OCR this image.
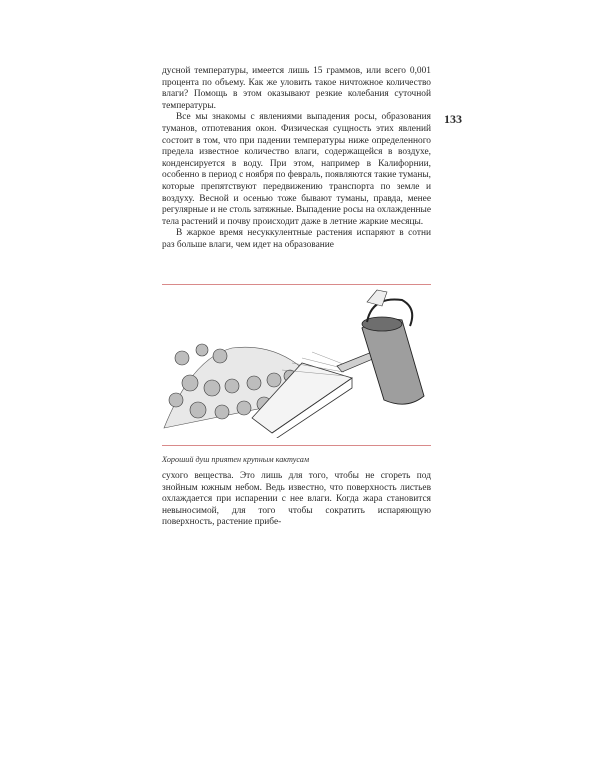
133

дусной температуры, имеется лишь 15 граммов, или всего 0,001 процента по объему. Как же уловить такое ничтожное количество влаги? Помощь в этом оказывают резкие колебания суточной температуры.

Все мы знакомы с явлениями выпадения росы, образования туманов, отпотевания окон. Физическая сущность этих явлений состоит в том, что при падении температуры ниже определенного предела известное количество влаги, содержащейся в воздухе, конденсируется в воду. При этом, например в Калифорнии, особенно в период с ноября по февраль, появляются такие туманы, которые препятствуют передвижению транспорта по земле и воздуху. Весной и осенью тоже бывают туманы, правда, менее регулярные и не столь затяжные. Выпадение росы на охлажденные тела растений и почву происходит даже в летние жаркие месяцы.

В жаркое время несуккулентные растения испаряют в сотни раз больше влаги, чем идет на образование

Хороший душ приятен крупным кактусам

сухого вещества. Это лишь для того, чтобы не сгореть под знойным южным небом. Ведь известно, что поверхность листьев охлаждается при испарении с нее влаги. Когда жара становится невыносимой, для того чтобы сократить испаряющую поверхность, растение прибе-
